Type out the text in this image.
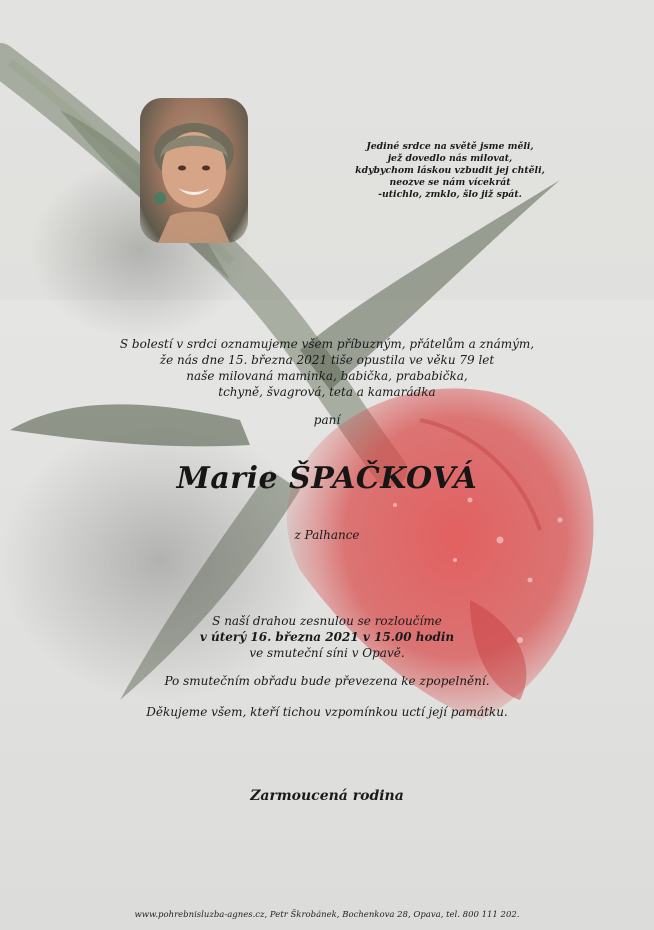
Jediné srdce na světě jsme měli,
jež dovedlo nás milovat,
kdybychom láskou vzbudit jej chtěli,
neozve se nám vícekrát
-utichlo, zmklo, šlo již spát.
S bolestí v srdci oznamujeme všem příbuzným, přátelům a známým,
že nás dne 15. března 2021 tiše opustila ve věku 79 let
naše milovaná maminka, babička, prababička,
tchyně, švagrová, teta a kamarádka
paní
Marie ŠPAČKOVÁ
z Palhance
S naší drahou zesnulou se rozloučíme
v úterý 16. března 2021 v 15.00 hodin
ve smuteční síni v Opavě.
Po smutečním obřadu bude převezena ke zpopelnění.
Děkujeme všem, kteří tichou vzpomínkou uctí její památku.
Zarmoucená rodina
www.pohrebnisluzba-agnes.cz, Petr Škrobánek, Bochenkova 28, Opava, tel. 800 111 202.
